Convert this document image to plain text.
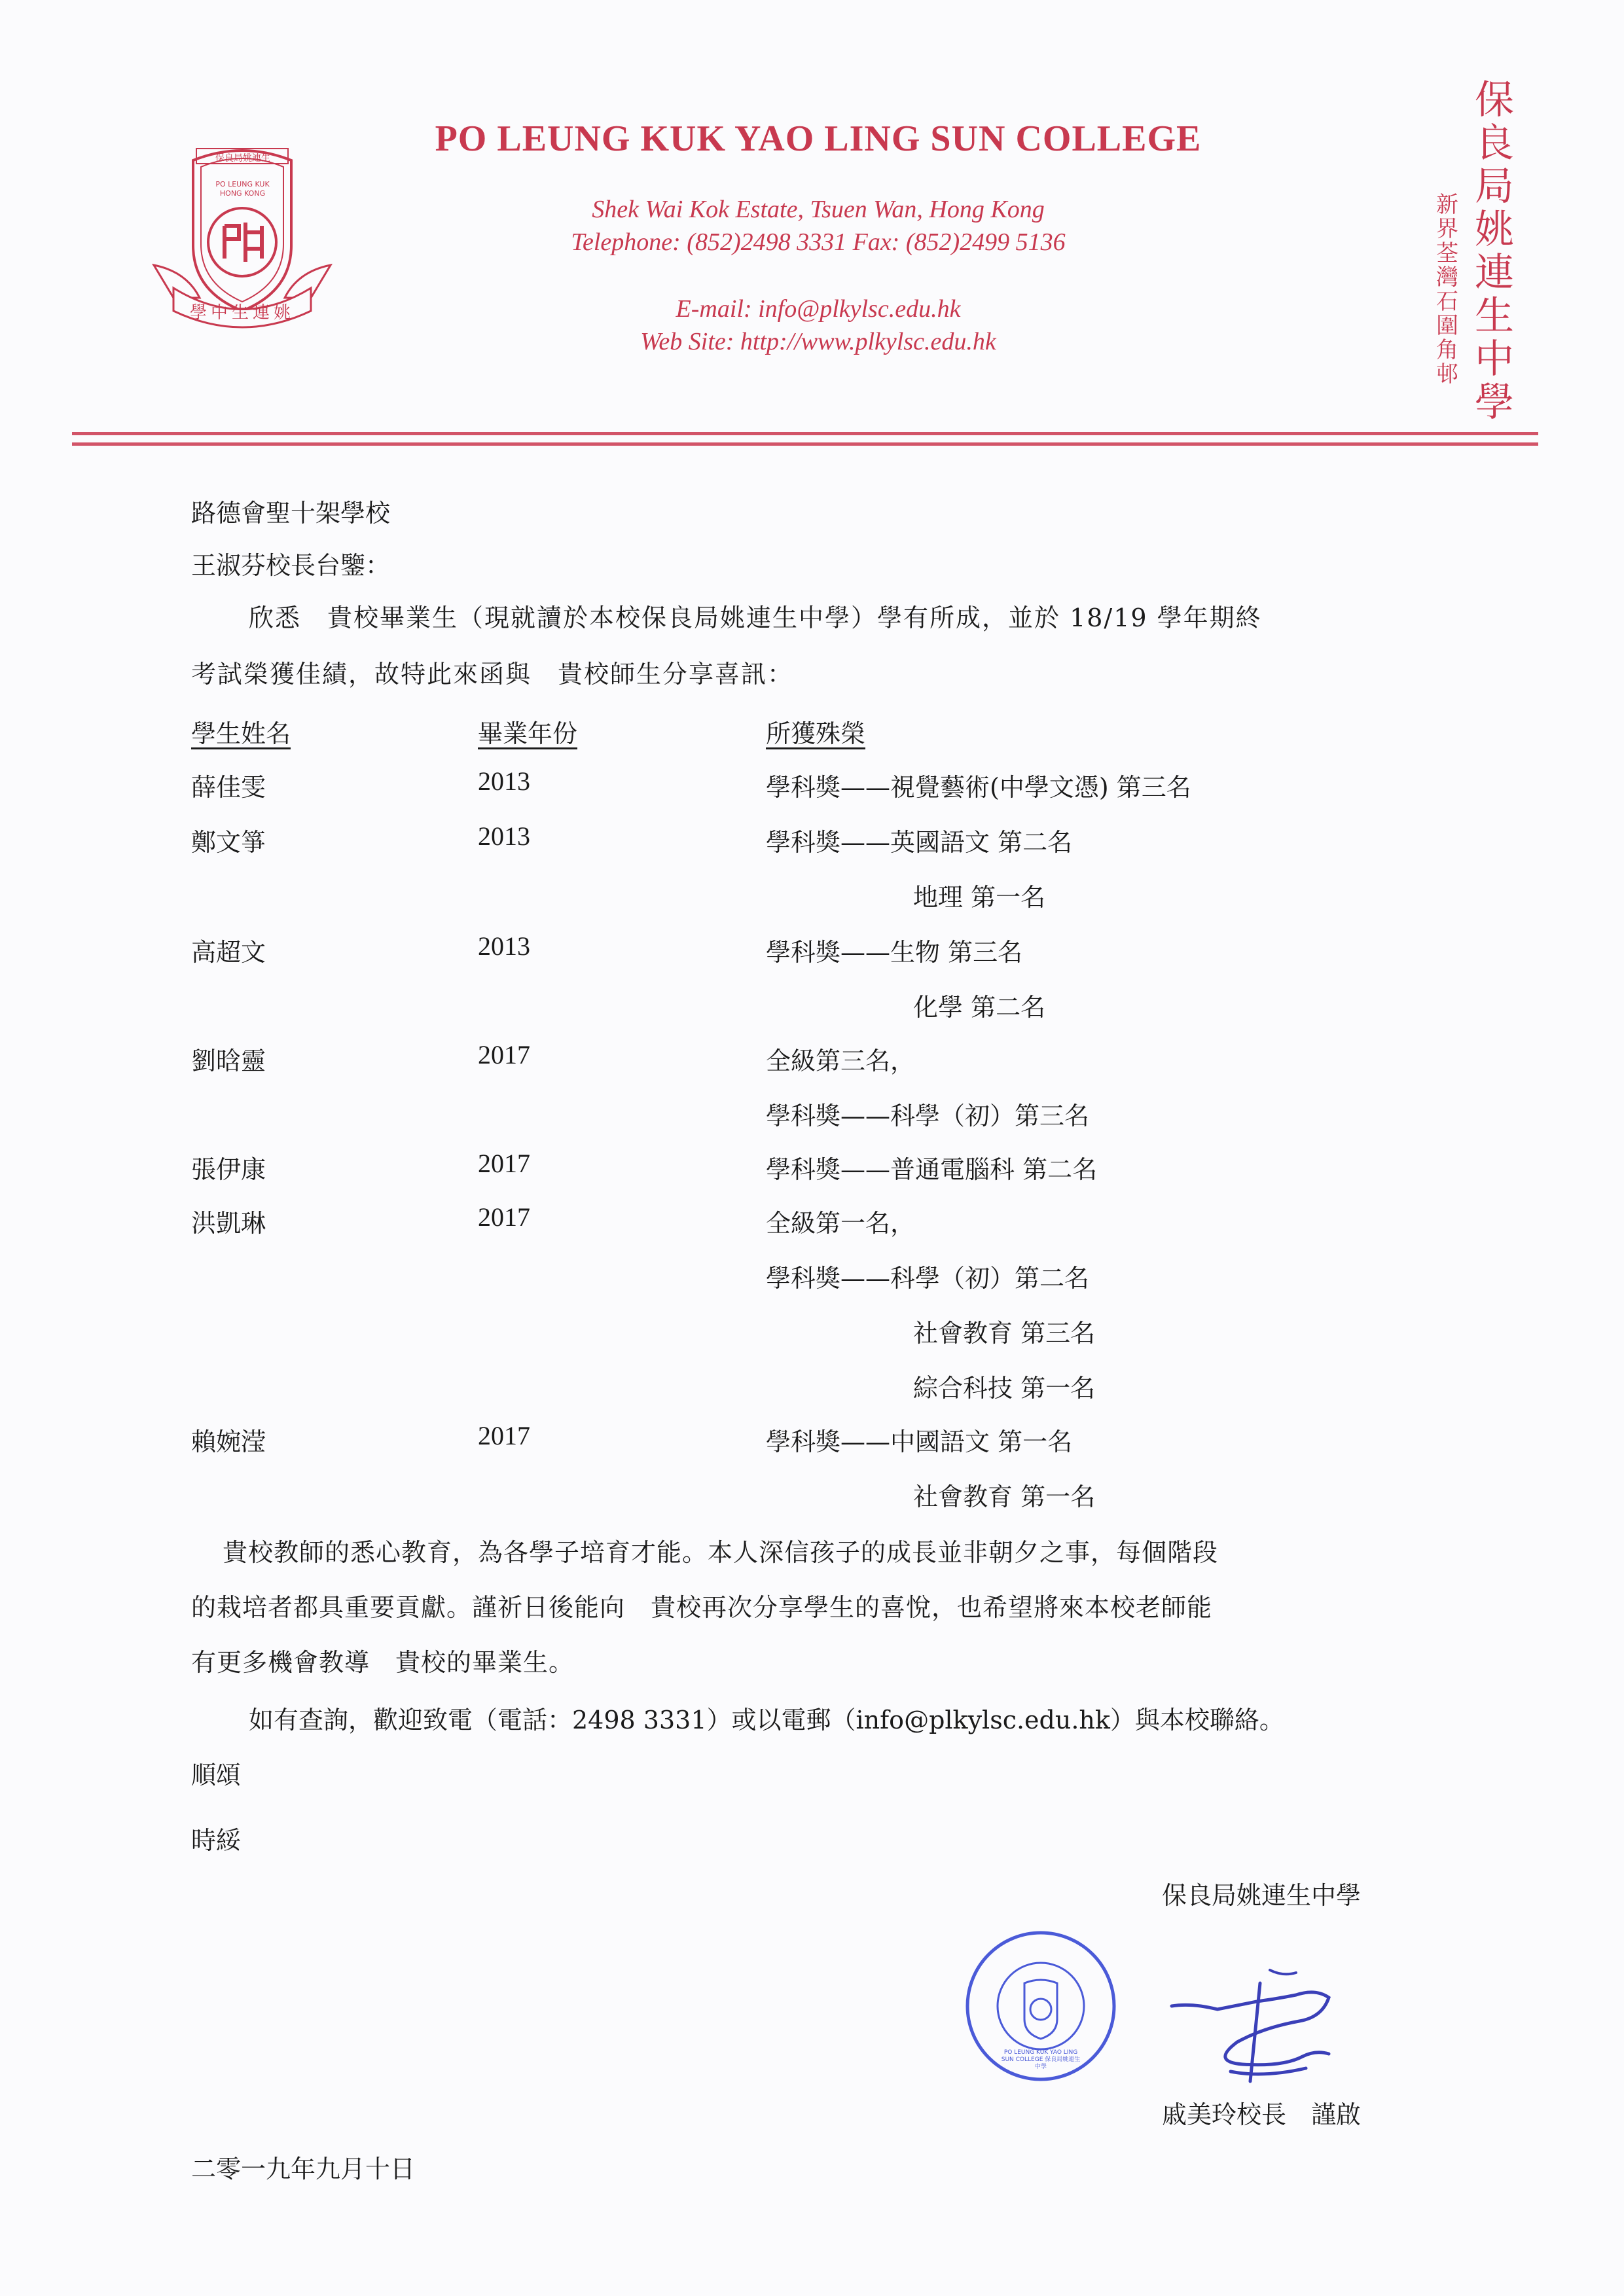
保良局姚連生
PO LEUNG KUK HONG KONG
學中生連姚
PO LEUNG KUK YAO LING SUN COLLEGE
Shek Wai Kok Estate, Tsuen Wan, Hong Kong
Telephone: (852)2498 3331 Fax: (852)2499 5136
E-mail: info@plkylsc.edu.hk
Web Site: http://www.plkylsc.edu.hk
保
良
局
姚
連
生
中
學
新
界
荃
灣
石
圍
角
邨
路德會聖十架學校
王淑芬校長台鑒：
欣悉　貴校畢業生（現就讀於本校保良局姚連生中學）學有所成，並於 18/19 學年期終
考試榮獲佳績，故特此來函與　貴校師生分享喜訊：
學生姓名	畢業年份	所獲殊榮
薛佳雯	2013	學科獎——視覺藝術(中學文憑) 第三名
鄭文箏	2013	學科獎——英國語文 第二名
地理 第一名
高超文	2013	學科獎——生物 第三名
化學 第二名
劉晗靈	2017	全級第三名，
學科獎——科學（初）第三名
張伊康	2017	學科獎——普通電腦科 第二名
洪凱琳	2017	全級第一名，
學科獎——科學（初）第二名
社會教育 第三名
綜合科技 第一名
賴婉滢	2017	學科獎——中國語文 第一名
社會教育 第一名
貴校教師的悉心教育，為各學子培育才能。本人深信孩子的成長並非朝夕之事，每個階段
的栽培者都具重要貢獻。謹祈日後能向　貴校再次分享學生的喜悅，也希望將來本校老師能
有更多機會教導　貴校的畢業生。
如有查詢，歡迎致電（電話：2498 3331）或以電郵（info@plkylsc.edu.hk）與本校聯絡。
順頌
時綏
保良局姚連生中學
PO LEUNG KUK YAO LING SUN COLLEGE 保良局姚連生中學
戚美玲校長　謹啟
二零一九年九月十日
